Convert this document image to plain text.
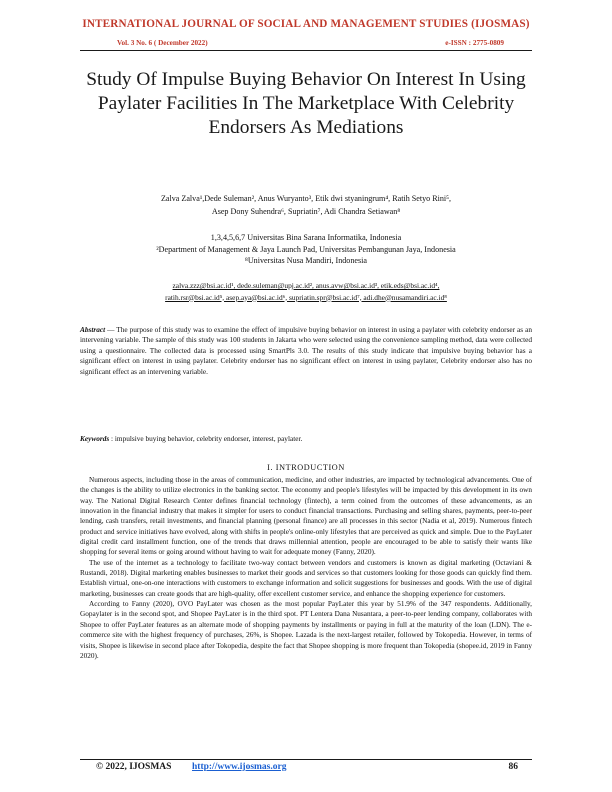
INTERNATIONAL JOURNAL OF SOCIAL AND MANAGEMENT STUDIES (IJOSMAS)
Vol. 3 No. 6 ( December 2022)	e-ISSN : 2775-0809
Study Of Impulse Buying Behavior On Interest In Using Paylater Facilities In The Marketplace With Celebrity Endorsers As Mediations
Zalva Zalva¹,Dede Suleman², Anus Wuryanto³, Etik dwi styaningrum⁴, Ratih Setyo Rini⁵,
Asep Dony Suhendra⁶, Supriatin⁷, Adi Chandra Setiawan⁸
1,3,4,5,6,7 Universitas Bina Sarana Informatika, Indonesia
²Department of Management & Jaya Launch Pad, Universitas Pembangunan Jaya, Indonesia
⁸Universitas Nusa Mandiri, Indonesia
zalva.zzz@bsi.ac.id¹, dede.suleman@upj.ac.id², anus.avw@bsi.ac.id³, etik.eds@bsi.ac.id⁴,
ratih.rsr@bsi.ac.id⁵, asep.aya@bsi.ac.id⁶, supriatin.spr@bsi.ac.id⁷, adi.dhe@nusamandiri.ac.id⁸
Abstract — The purpose of this study was to examine the effect of impulsive buying behavior on interest in using a paylater with celebrity endorser as an intervening variable. The sample of this study was 100 students in Jakarta who were selected using the convenience sampling method, data were collected using a questionnaire. The collected data is processed using SmartPls 3.0. The results of this study indicate that impulsive buying behavior has a significant effect on interest in using paylater. Celebrity endorser has no significant effect on interest in using paylater, Celebrity endorser also has no significant effect as an intervening variable.
Keywords : impulsive buying behavior, celebrity endorser, interest, paylater.
I. INTRODUCTION

Numerous aspects, including those in the areas of communication, medicine, and other industries, are impacted by technological advancements. One of the changes is the ability to utilize electronics in the banking sector. The economy and people's lifestyles will be impacted by this development in its own way. The National Digital Research Center defines financial technology (fintech), a term coined from the outcomes of these advancements, as an innovation in the financial industry that makes it simpler for users to conduct financial transactions. Purchasing and selling shares, payments, peer-to-peer lending, cash transfers, retail investments, and financial planning (personal finance) are all processes in this sector (Nadia et al, 2019). Numerous fintech product and service initiatives have evolved, along with shifts in people's online-only lifestyles that are perceived as quick and simple. Due to the PayLater digital credit card installment function, one of the trends that draws millennial attention, people are encouraged to be able to satisfy their wants like shopping for several items or going around without having to wait for adequate money (Fanny, 2020).

The use of the internet as a technology to facilitate two-way contact between vendors and customers is known as digital marketing (Octaviani & Rustandi, 2018). Digital marketing enables businesses to market their goods and services so that customers looking for those goods can quickly find them. Establish virtual, one-on-one interactions with customers to exchange information and solicit suggestions for businesses and goods. With the use of digital marketing, businesses can create goods that are high-quality, offer excellent customer service, and enhance the shopping experience for customers.

According to Fanny (2020), OVO PayLater was chosen as the most popular PayLater this year by 51.9% of the 347 respondents. Additionally, Gopaylater is in the second spot, and Shopee PayLater is in the third spot. PT Lentera Dana Nusantara, a peer-to-peer lending company, collaborates with Shopee to offer PayLater features as an alternate mode of shopping payments by installments or paying in full at the maturity of the loan (LDN). The e-commerce site with the highest frequency of purchases, 26%, is Shopee. Lazada is the next-largest retailer, followed by Tokopedia. However, in terms of visits, Shopee is likewise in second place after Tokopedia, despite the fact that Shopee shopping is more frequent than Tokopedia (shopee.id, 2019 in Fanny 2020).

© 2022, IJOSMAS http://www.ijosmas.org	86
